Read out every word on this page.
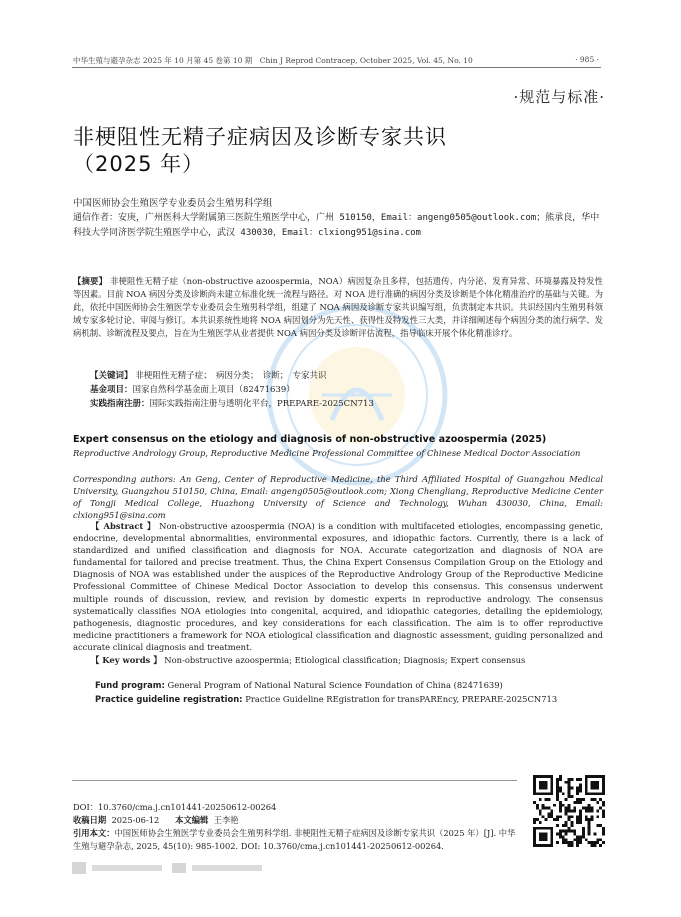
中华生殖与避孕杂志 2025 年 10 月第 45 卷第 10 期　Chin J Reprod Contracep, October 2025, Vol. 45, No. 10	· 985 ·
·规范与标准·
非梗阻性无精子症病因及诊断专家共识
（2025 年）
中国医师协会生殖医学专业委员会生殖男科学组
通信作者：安庚，广州医科大学附属第三医院生殖医学中心，广州 510150，Email：angeng0505@outlook.com；熊承良，华中科技大学同济医学院生殖医学中心，武汉 430030，Email：clxiong951@sina.com
【摘要】 非梗阻性无精子症（non-obstructive azoospermia，NOA）病因复杂且多样，包括遗传、内分泌、发育异常、环境暴露及特发性等因素。目前 NOA 病因分类及诊断尚未建立标准化统一流程与路径。对 NOA 进行准确的病因分类及诊断是个体化精准治疗的基础与关键。为此，依托中国医师协会生殖医学专业委员会生殖男科学组，组建了 NOA 病因及诊断专家共识编写组，负责制定本共识。共识经国内生殖男科领域专家多轮讨论、审阅与修订。本共识系统性地将 NOA 病因划分为先天性、获得性及特发性三大类，并详细阐述每个病因分类的流行病学、发病机制、诊断流程及要点，旨在为生殖医学从业者提供 NOA 病因分类及诊断评估流程，指导临床开展个体化精准诊疗。
【关键词】 非梗阻性无精子症；　病因分类；　诊断；　专家共识
基金项目：国家自然科学基金面上项目（82471639）
实践指南注册：国际实践指南注册与透明化平台，PREPARE-2025CN713
Expert consensus on the etiology and diagnosis of non-obstructive azoospermia (2025)
Reproductive Andrology Group, Reproductive Medicine Professional Committee of Chinese Medical Doctor Association
Corresponding authors: An Geng, Center of Reproductive Medicine, the Third Affiliated Hospital of Guangzhou Medical University, Guangzhou 510150, China, Email: angeng0505@outlook.com; Xiong Chengliang, Reproductive Medicine Center of Tongji Medical College, Huazhong University of Science and Technology, Wuhan 430030, China, Email: clxiong951@sina.com
【 Abstract 】 Non-obstructive azoospermia (NOA) is a condition with multifaceted etiologies, encompassing genetic, endocrine, developmental abnormalities, environmental exposures, and idiopathic factors. Currently, there is a lack of standardized and unified classification and diagnosis for NOA. Accurate categorization and diagnosis of NOA are fundamental for tailored and precise treatment. Thus, the China Expert Consensus Compilation Group on the Etiology and Diagnosis of NOA was established under the auspices of the Reproductive Andrology Group of the Reproductive Medicine Professional Committee of Chinese Medical Doctor Association to develop this consensus. This consensus underwent multiple rounds of discussion, review, and revision by domestic experts in reproductive andrology. The consensus systematically classifies NOA etiologies into congenital, acquired, and idiopathic categories, detailing the epidemiology, pathogenesis, diagnostic procedures, and key considerations for each classification. The aim is to offer reproductive medicine practitioners a framework for NOA etiological classification and diagnostic assessment, guiding personalized and accurate clinical diagnosis and treatment.
【 Key words 】 Non-obstructive azoospermia; Etiological classification; Diagnosis; Expert consensus
Fund program: General Program of National Natural Science Foundation of China (82471639)
Practice guideline registration: Practice Guideline REgistration for transPAREncy, PREPARE-2025CN713
DOI：10.3760/cma.j.cn101441-20250612-00264
收稿日期 2025-06-12 本文编辑 王李艳
引用本文：中国医师协会生殖医学专业委员会生殖男科学组. 非梗阻性无精子症病因及诊断专家共识（2025 年）[J]. 中华生殖与避孕杂志, 2025, 45(10): 985-1002. DOI: 10.3760/cma.j.cn101441-20250612-00264.
